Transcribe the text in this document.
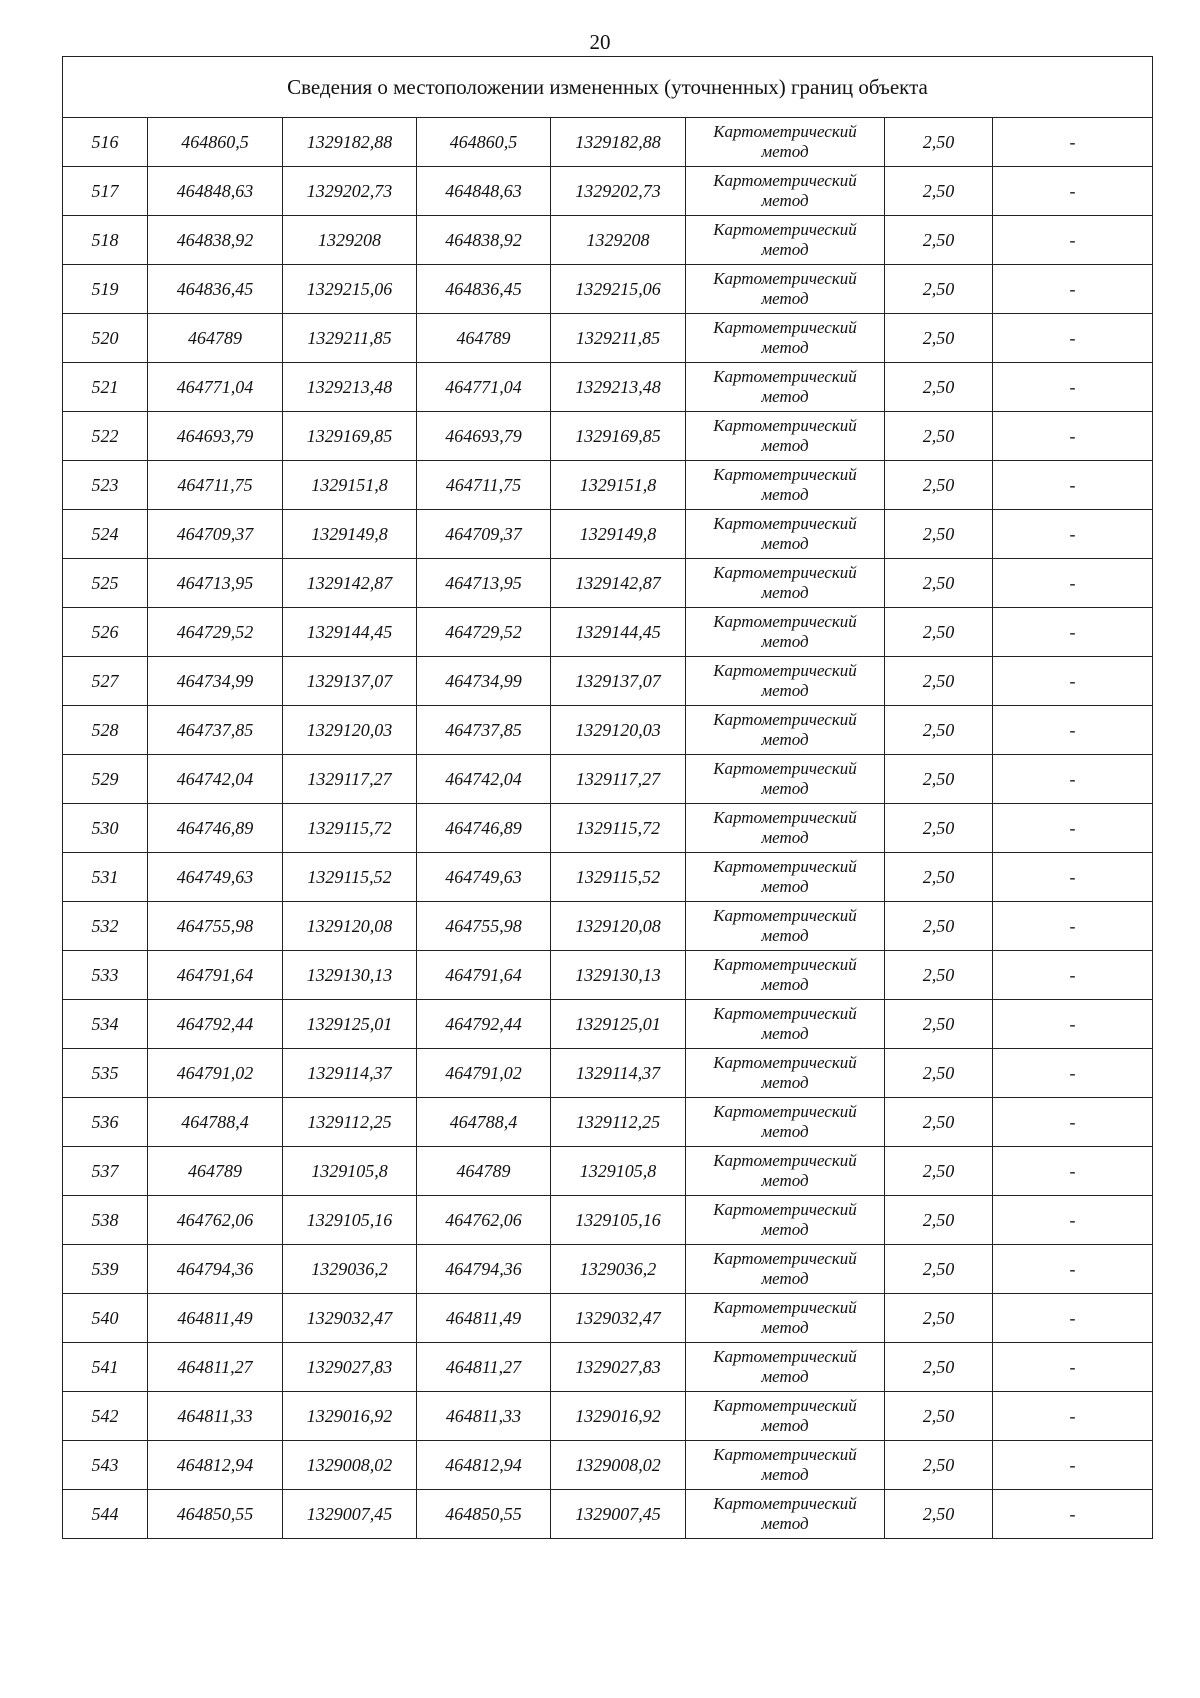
20
Сведения о местоположении измененных (уточненных) границ объекта							
516	464860,5	1329182,88	464860,5	1329182,88	Картометрический
метод	2,50	-
517	464848,63	1329202,73	464848,63	1329202,73	Картометрический
метод	2,50	-
518	464838,92	1329208	464838,92	1329208	Картометрический
метод	2,50	-
519	464836,45	1329215,06	464836,45	1329215,06	Картометрический
метод	2,50	-
520	464789	1329211,85	464789	1329211,85	Картометрический
метод	2,50	-
521	464771,04	1329213,48	464771,04	1329213,48	Картометрический
метод	2,50	-
522	464693,79	1329169,85	464693,79	1329169,85	Картометрический
метод	2,50	-
523	464711,75	1329151,8	464711,75	1329151,8	Картометрический
метод	2,50	-
524	464709,37	1329149,8	464709,37	1329149,8	Картометрический
метод	2,50	-
525	464713,95	1329142,87	464713,95	1329142,87	Картометрический
метод	2,50	-
526	464729,52	1329144,45	464729,52	1329144,45	Картометрический
метод	2,50	-
527	464734,99	1329137,07	464734,99	1329137,07	Картометрический
метод	2,50	-
528	464737,85	1329120,03	464737,85	1329120,03	Картометрический
метод	2,50	-
529	464742,04	1329117,27	464742,04	1329117,27	Картометрический
метод	2,50	-
530	464746,89	1329115,72	464746,89	1329115,72	Картометрический
метод	2,50	-
531	464749,63	1329115,52	464749,63	1329115,52	Картометрический
метод	2,50	-
532	464755,98	1329120,08	464755,98	1329120,08	Картометрический
метод	2,50	-
533	464791,64	1329130,13	464791,64	1329130,13	Картометрический
метод	2,50	-
534	464792,44	1329125,01	464792,44	1329125,01	Картометрический
метод	2,50	-
535	464791,02	1329114,37	464791,02	1329114,37	Картометрический
метод	2,50	-
536	464788,4	1329112,25	464788,4	1329112,25	Картометрический
метод	2,50	-
537	464789	1329105,8	464789	1329105,8	Картометрический
метод	2,50	-
538	464762,06	1329105,16	464762,06	1329105,16	Картометрический
метод	2,50	-
539	464794,36	1329036,2	464794,36	1329036,2	Картометрический
метод	2,50	-
540	464811,49	1329032,47	464811,49	1329032,47	Картометрический
метод	2,50	-
541	464811,27	1329027,83	464811,27	1329027,83	Картометрический
метод	2,50	-
542	464811,33	1329016,92	464811,33	1329016,92	Картометрический
метод	2,50	-
543	464812,94	1329008,02	464812,94	1329008,02	Картометрический
метод	2,50	-
544	464850,55	1329007,45	464850,55	1329007,45	Картометрический
метод	2,50	-
